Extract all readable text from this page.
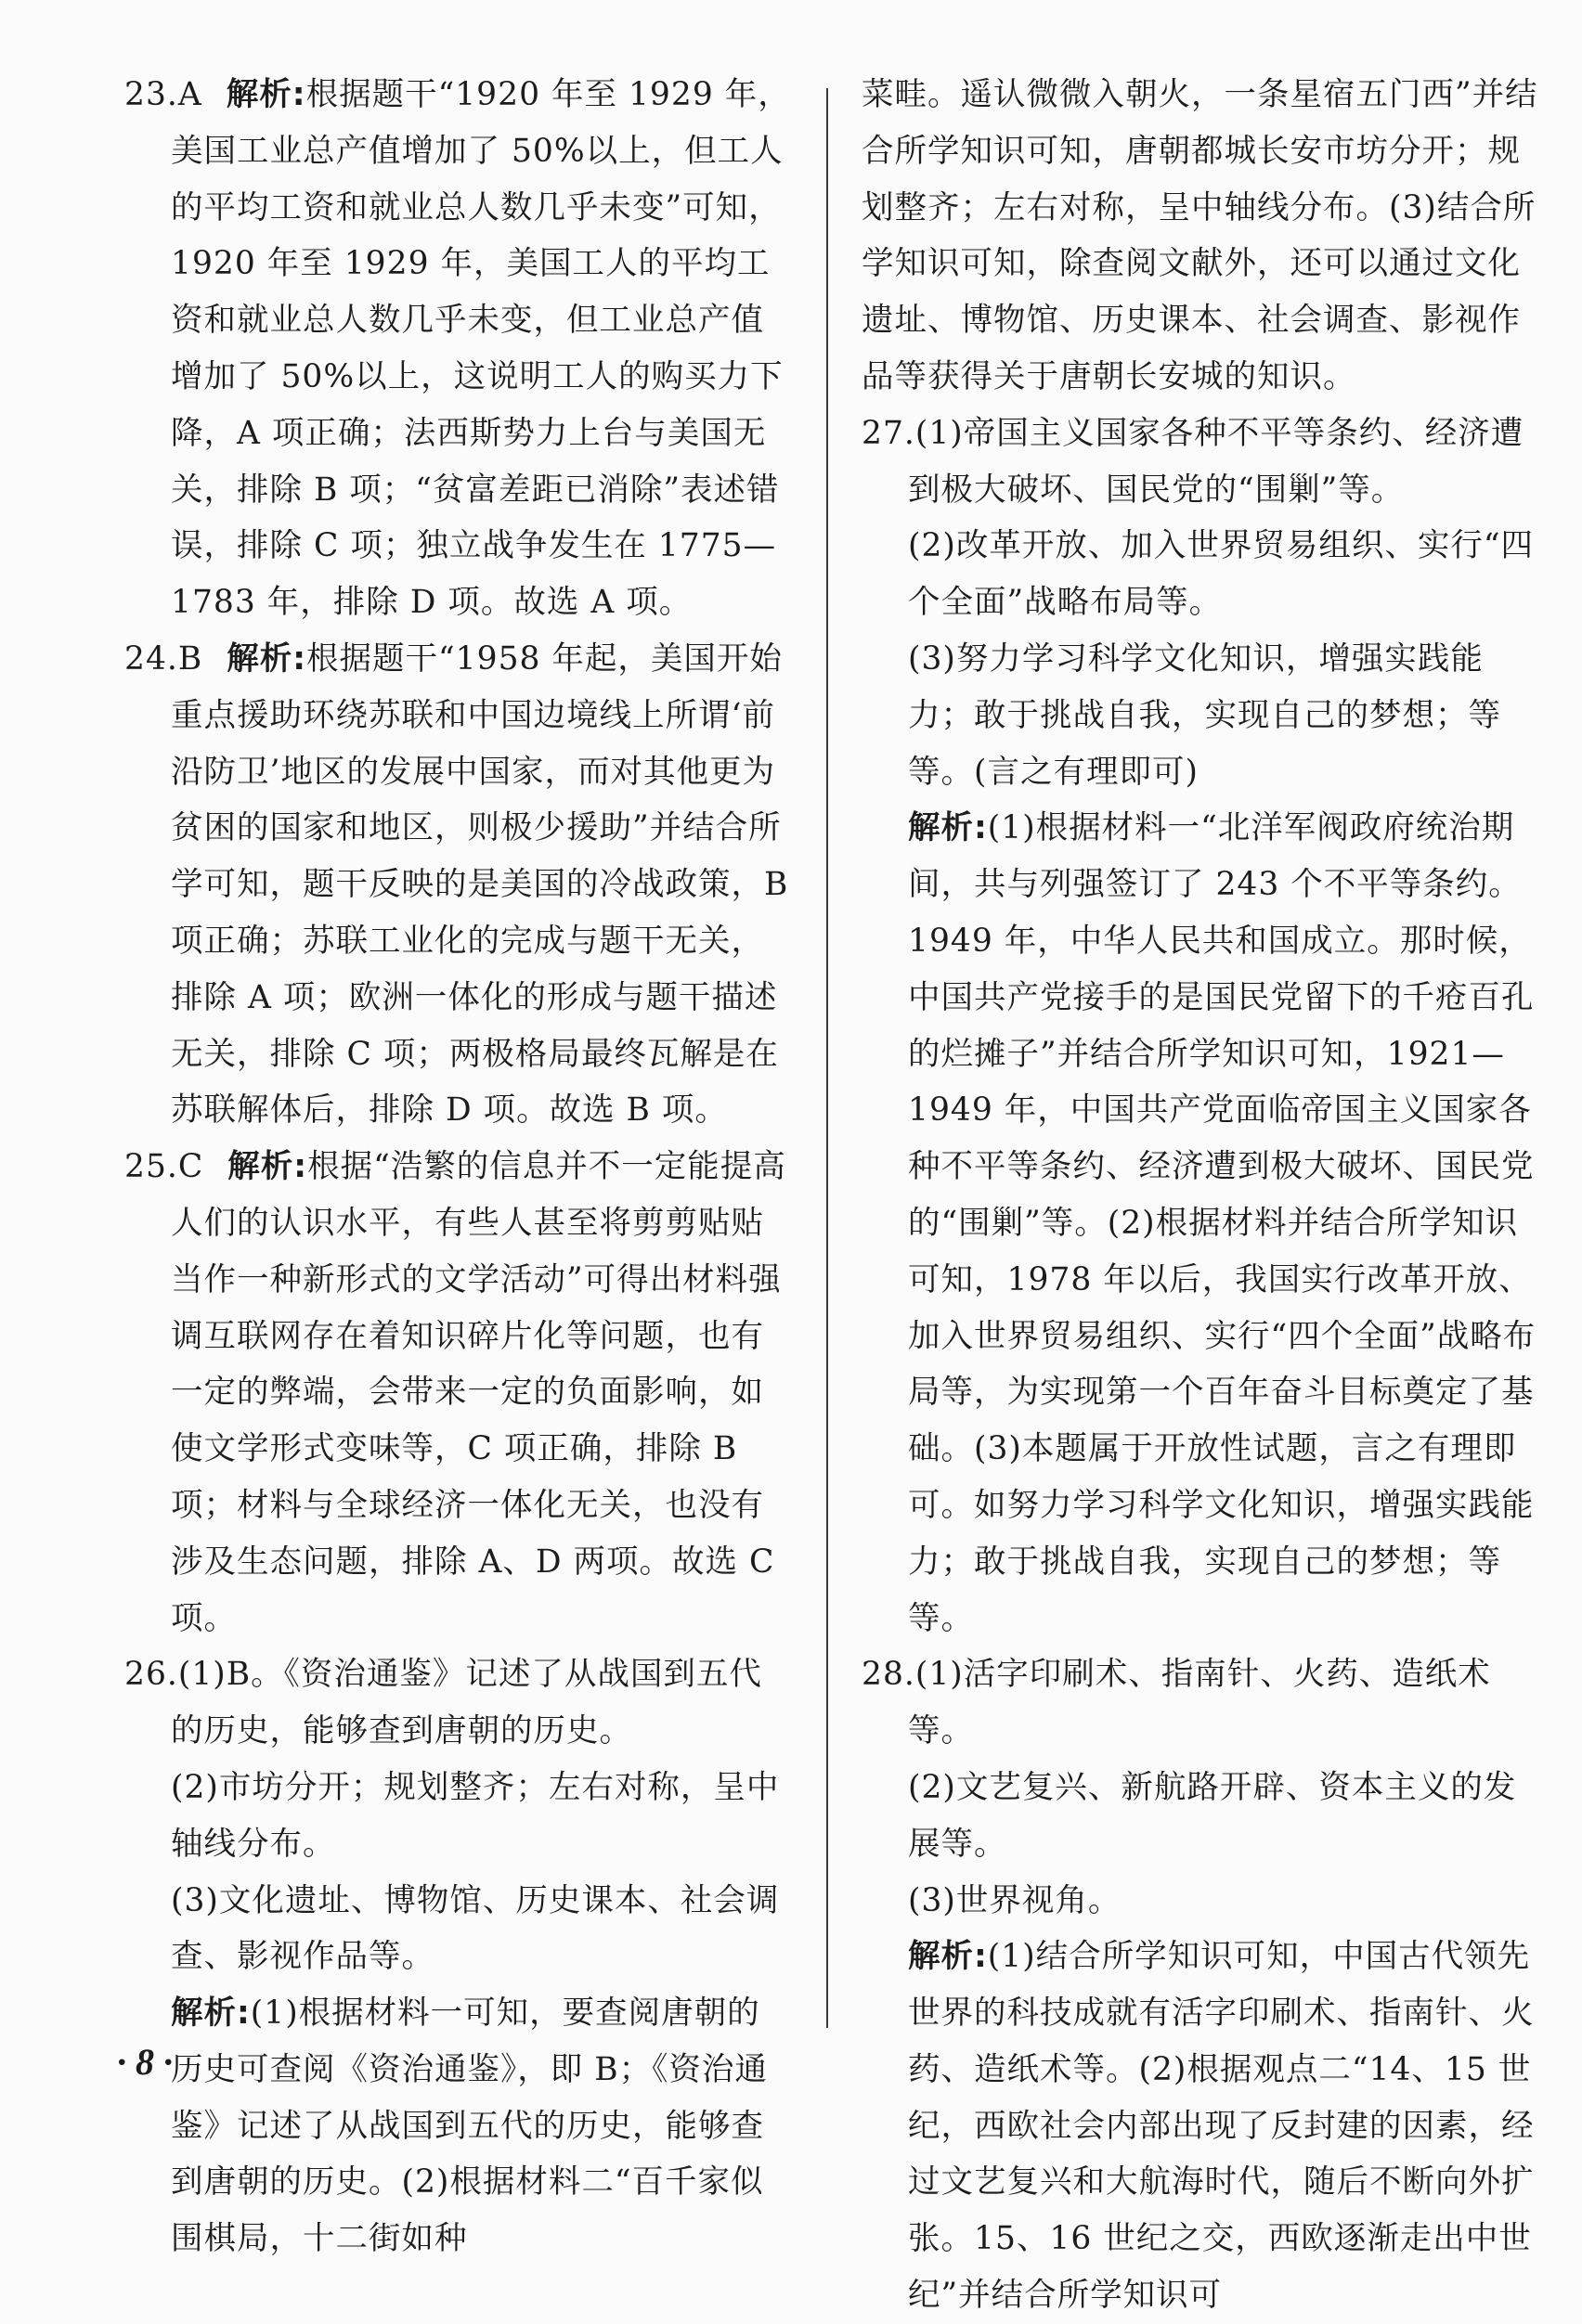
23.A 解析:根据题干“1920 年至 1929 年，美国工业总产值增加了 50%以上，但工人的平均工资和就业总人数几乎未变”可知，1920 年至 1929 年，美国工人的平均工资和就业总人数几乎未变，但工业总产值增加了 50%以上，这说明工人的购买力下降，A 项正确；法西斯势力上台与美国无关，排除 B 项；“贫富差距已消除”表述错误，排除 C 项；独立战争发生在 1775—1783 年，排除 D 项。故选 A 项。
24.B 解析:根据题干“1958 年起，美国开始重点援助环绕苏联和中国边境线上所谓‘前沿防卫’地区的发展中国家，而对其他更为贫困的国家和地区，则极少援助”并结合所学可知，题干反映的是美国的冷战政策，B 项正确；苏联工业化的完成与题干无关，排除 A 项；欧洲一体化的形成与题干描述无关，排除 C 项；两极格局最终瓦解是在苏联解体后，排除 D 项。故选 B 项。
25.C 解析:根据“浩繁的信息并不一定能提高人们的认识水平，有些人甚至将剪剪贴贴当作一种新形式的文学活动”可得出材料强调互联网存在着知识碎片化等问题，也有一定的弊端，会带来一定的负面影响，如使文学形式变味等，C 项正确，排除 B 项；材料与全球经济一体化无关，也没有涉及生态问题，排除 A、D 两项。故选 C 项。
26.(1)B。《资治通鉴》记述了从战国到五代的历史，能够查到唐朝的历史。
(2)市坊分开；规划整齐；左右对称，呈中轴线分布。
(3)文化遗址、博物馆、历史课本、社会调查、影视作品等。
解析:(1)根据材料一可知，要查阅唐朝的历史可查阅《资治通鉴》，即 B；《资治通鉴》记述了从战国到五代的历史，能够查到唐朝的历史。(2)根据材料二“百千家似围棋局，十二街如种
菜畦。遥认微微入朝火，一条星宿五门西”并结合所学知识可知，唐朝都城长安市坊分开；规划整齐；左右对称，呈中轴线分布。(3)结合所学知识可知，除查阅文献外，还可以通过文化遗址、博物馆、历史课本、社会调查、影视作品等获得关于唐朝长安城的知识。
27.(1)帝国主义国家各种不平等条约、经济遭到极大破坏、国民党的“围剿”等。
(2)改革开放、加入世界贸易组织、实行“四个全面”战略布局等。
(3)努力学习科学文化知识，增强实践能力；敢于挑战自我，实现自己的梦想；等等。(言之有理即可)
解析:(1)根据材料一“北洋军阀政府统治期间，共与列强签订了 243 个不平等条约。1949 年，中华人民共和国成立。那时候，中国共产党接手的是国民党留下的千疮百孔的烂摊子”并结合所学知识可知，1921—1949 年，中国共产党面临帝国主义国家各种不平等条约、经济遭到极大破坏、国民党的“围剿”等。(2)根据材料并结合所学知识可知，1978 年以后，我国实行改革开放、加入世界贸易组织、实行“四个全面”战略布局等，为实现第一个百年奋斗目标奠定了基础。(3)本题属于开放性试题，言之有理即可。如努力学习科学文化知识，增强实践能力；敢于挑战自我，实现自己的梦想；等等。
28.(1)活字印刷术、指南针、火药、造纸术等。
(2)文艺复兴、新航路开辟、资本主义的发展等。
(3)世界视角。
解析:(1)结合所学知识可知，中国古代领先世界的科技成就有活字印刷术、指南针、火药、造纸术等。(2)根据观点二“14、15 世纪，西欧社会内部出现了反封建的因素，经过文艺复兴和大航海时代，随后不断向外扩张。15、16 世纪之交，西欧逐渐走出中世纪”并结合所学知识可
· 8 ·
